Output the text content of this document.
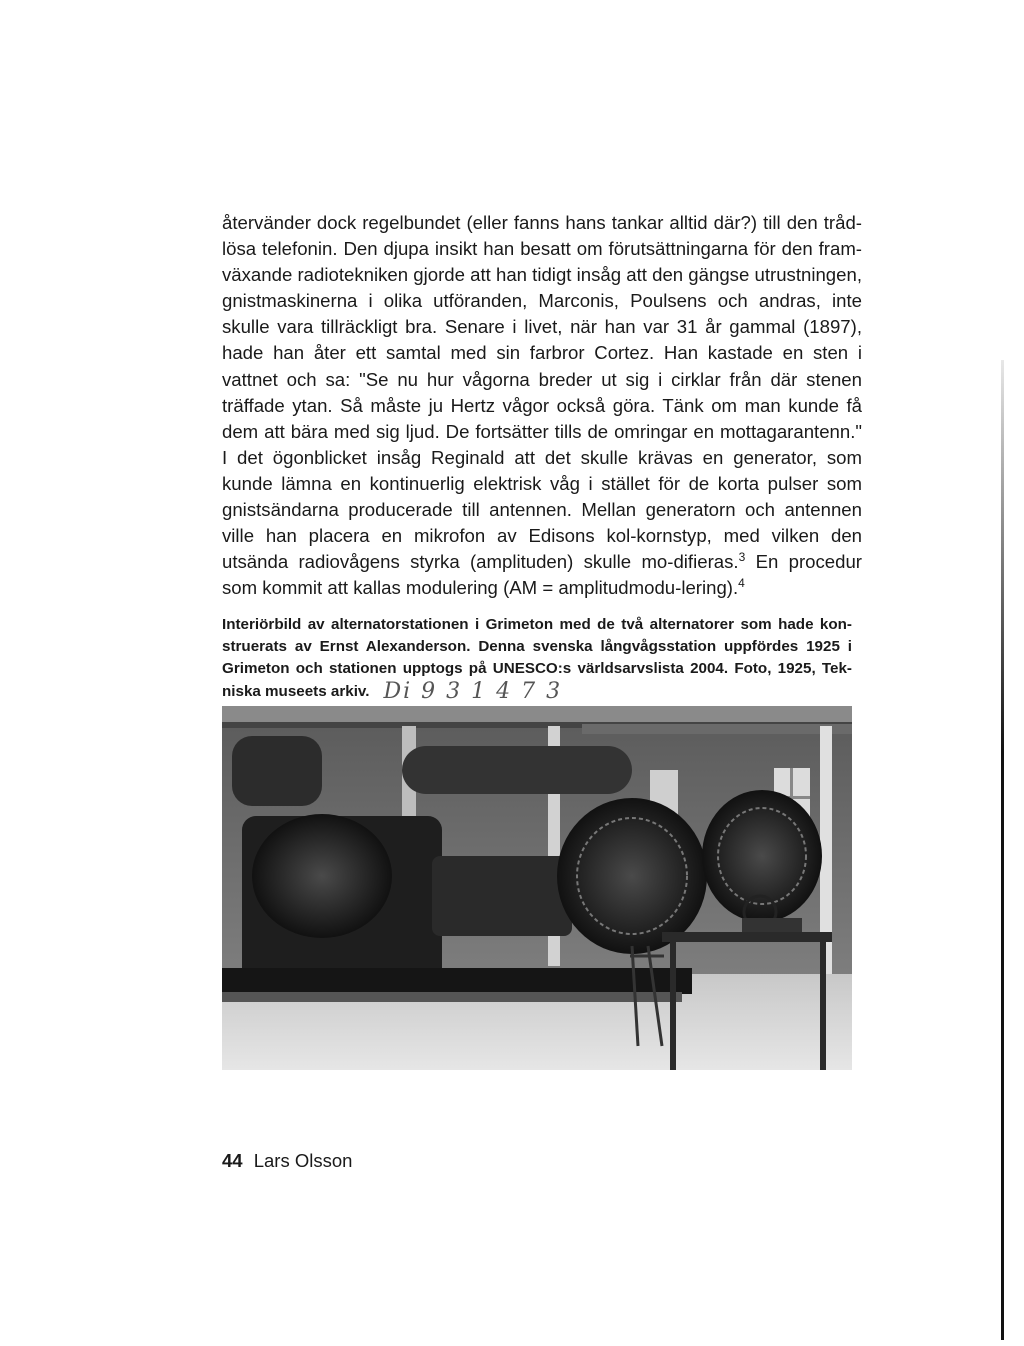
återvänder dock regelbundet (eller fanns hans tankar alltid där?) till den tråd-lösa telefonin. Den djupa insikt han besatt om förutsättningarna för den fram-växande radiotekniken gjorde att han tidigt insåg att den gängse utrustningen, gnistmaskinerna i olika utföranden, Marconis, Poulsens och andras, inte skulle vara tillräckligt bra. Senare i livet, när han var 31 år gammal (1897), hade han åter ett samtal med sin farbror Cortez. Han kastade en sten i vattnet och sa: "Se nu hur vågorna breder ut sig i cirklar från där stenen träffade ytan. Så måste ju Hertz vågor också göra. Tänk om man kunde få dem att bära med sig ljud. De fortsätter tills de omringar en mottagarantenn." I det ögonblicket insåg Reginald att det skulle krävas en generator, som kunde lämna en kontinuerlig elektrisk våg i stället för de korta pulser som gnistsändarna producerade till antennen. Mellan generatorn och antennen ville han placera en mikrofon av Edisons kol-kornstyp, med vilken den utsända radiovågens styrka (amplituden) skulle mo-difieras.$^3$ En procedur som kommit att kallas modulering (AM = amplitudmodu-lering).$^4$

Interiörbild av alternatorstationen i Grimeton med de två alternatorer som hade kon-struerats av Ernst Alexanderson. Denna svenska långvågsstation uppfördes 1925 i Grimeton och stationen upptogs på UNESCO:s världsarvslista 2004. Foto, 1925, Tek-niska museets arkiv. Di 9 3 1 4 7 3
44 Lars Olsson
